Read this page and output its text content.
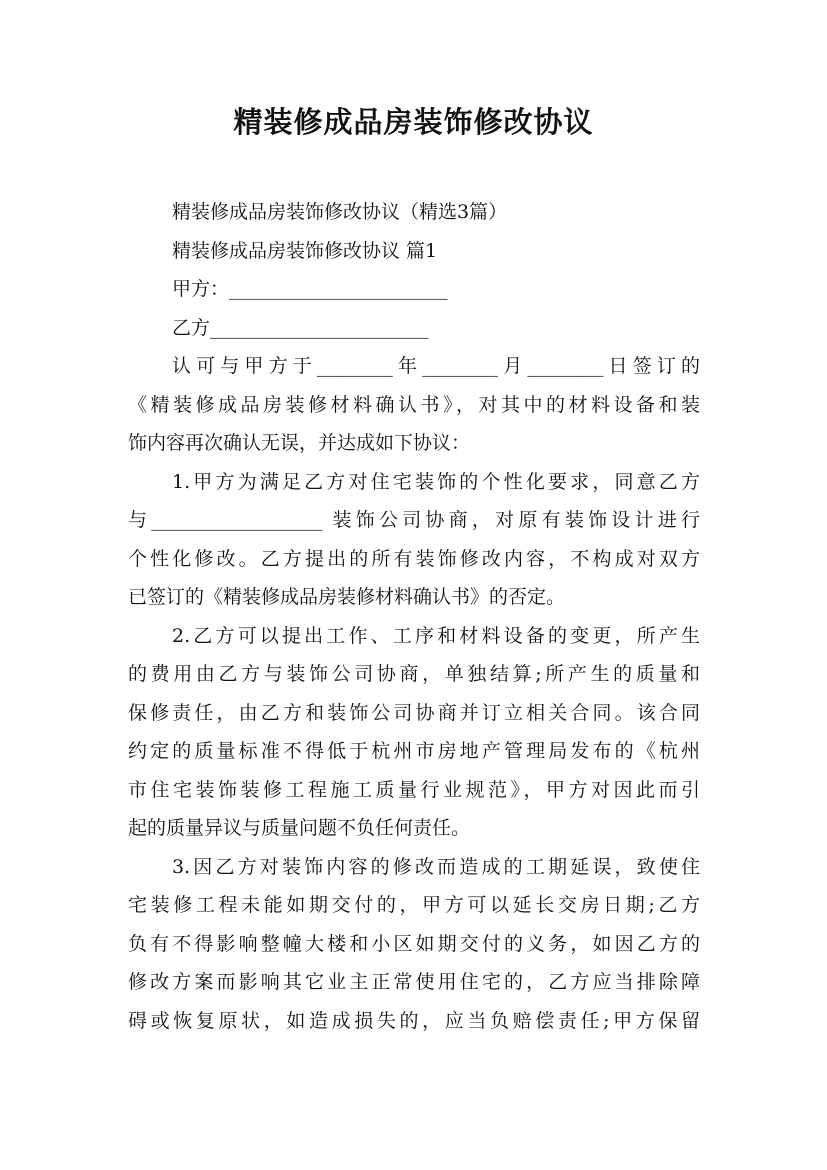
精装修成品房装饰修改协议
精装修成品房装饰修改协议（精选3篇）
精装修成品房装饰修改协议 篇1
甲方：_______________________
乙方_______________________
认可与甲方于________年________月________日签订的
《精装修成品房装修材料确认书》，对其中的材料设备和装
饰内容再次确认无误，并达成如下协议：
1.甲方为满足乙方对住宅装饰的个性化要求，同意乙方
与__________________ 装饰公司协商，对原有装饰设计进行
个性化修改。乙方提出的所有装饰修改内容，不构成对双方
已签订的《精装修成品房装修材料确认书》的否定。
2.乙方可以提出工作、工序和材料设备的变更，所产生
的费用由乙方与装饰公司协商，单独结算;所产生的质量和
保修责任，由乙方和装饰公司协商并订立相关合同。该合同
约定的质量标准不得低于杭州市房地产管理局发布的《杭州
市住宅装饰装修工程施工质量行业规范》，甲方对因此而引
起的质量异议与质量问题不负任何责任。
3.因乙方对装饰内容的修改而造成的工期延误，致使住
宅装修工程未能如期交付的，甲方可以延长交房日期;乙方
负有不得影响整幢大楼和小区如期交付的义务，如因乙方的
修改方案而影响其它业主正常使用住宅的，乙方应当排除障
碍或恢复原状，如造成损失的，应当负赔偿责任;甲方保留
